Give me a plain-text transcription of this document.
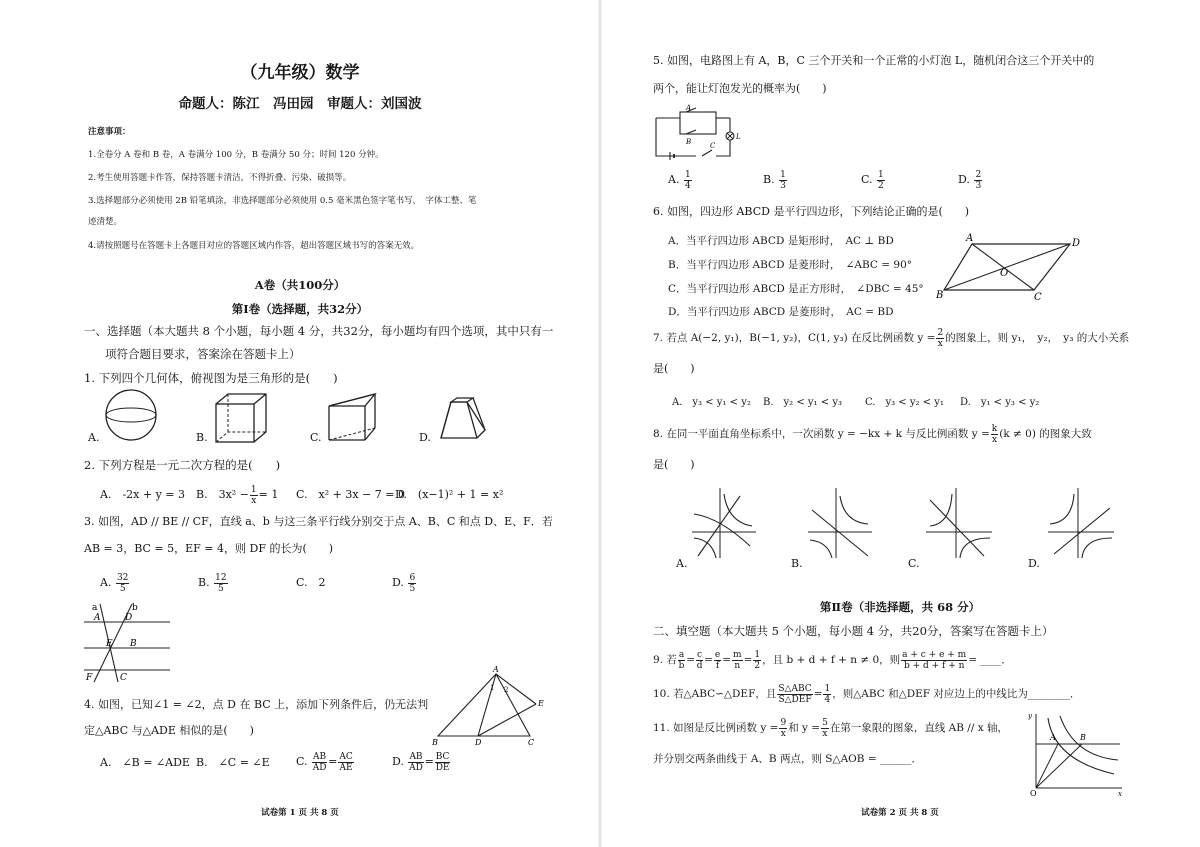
（九年级）数学
命题人：陈江　冯田园　审题人：刘国波
注意事项：
1.全卷分 A 卷和 B 卷，A 卷满分 100 分，B 卷满分 50 分；时间 120 分钟。
2.考生使用答题卡作答，保持答题卡清洁，不得折叠、污染、破损等。
3.选择题部分必须使用 2B 铅笔填涂，非选择题部分必须使用 0.5 毫米黑色签字笔书写，　字体工整、笔
迹清楚。
4.请按照题号在答题卡上各题目对应的答题区域内作答，超出答题区域书写的答案无效。
A卷（共100分）
第Ⅰ卷（选择题，共32分）
一、选择题（本大题共 8 个小题，每小题 4 分，共32分，每小题均有四个选项，其中只有一
项符合题目要求，答案涂在答题卡上）
1. 下列四个几何体，俯视图为是三角形的是(　　)
A.	B.	C.	D.
2. 下列方程是一元二次方程的是(　　)
A.　-2x + y = 3 B.　$3x^2 - \frac{1}{x} = 1$ C.　x² + 3x − 7 = 0
D.　(x−1)² + 1 = x²
3. 如图，AD // BE // CF，直线 a、b 与这三条平行线分别交于点 A、B、C 和点 D、E、F．若
AB = 3，BC = 5，EF = 4，则 DF 的长为(　　)
A. $\frac{32}{5}$	B. $\frac{12}{5}$	C.　2	D. $\frac{6}{5}$
a	b
A	D
E B
F	C
4. 如图，已知∠1 = ∠2，点 D 在 BC 上，添加下列条件后，仍无法判
定△ABC 与△ADE 相似的是(　　)
A.　∠B = ∠ADE B.　∠C = ∠E C. $\frac{AB}{AD} = \frac{AC}{AE}$	D. $\frac{AB}{AD} = \frac{BC}{DE}$
A
1 2
E
B	D	C
试卷第 1 页 共 8 页
5. 如图，电路图上有 A，B，C 三个开关和一个正常的小灯泡 L，随机闭合这三个开关中的
两个，能让灯泡发光的概率为(　　)
A
B	C
L
A. $\frac{1}{4}$	B. $\frac{1}{3}$	C. $\frac{1}{2}$	D. $\frac{2}{3}$
6. 如图，四边形 ABCD 是平行四边形，下列结论正确的是(　　)
A．当平行四边形 ABCD 是矩形时，　AC ⊥ BD
B．当平行四边形 ABCD 是菱形时，　∠ABC = 90°
C．当平行四边形 ABCD 是正方形时，　∠DBC = 45°
D．当平行四边形 ABCD 是菱形时，　AC = BD
A	D
O
B	C
7. 若点 A(−2, y₁)，B(−1, y₂)，C(1, y₃) 在反比例函数 $y = \frac{2}{x}$ 的图象上，则 y₁，　y₂，　y₃ 的大小关系
是(　　)
A.　y₃ < y₁ < y₂ B.　y₂ < y₁ < y₃ C.　y₃ < y₂ < y₁ D.　y₁ < y₃ < y₂
8. 在同一平面直角坐标系中，一次函数 y = −kx + k 与反比例函数 $y = \frac{k}{x} (k \ne 0)$ 的图象大致
是(　　)
A.	B.	C.	D.
第Ⅱ卷（非选择题，共 68 分）
二、填空题（本大题共 5 个小题，每小题 4 分，共20分，答案写在答题卡上）
9. 若 $\frac{a}{b} = \frac{c}{d} = \frac{e}{f} = \frac{m}{n} = \frac{1}{2}$ ，且 b + d + f + n ≠ 0，则 $\frac{a + c + e + m}{b + d + f + n}$ = ____．
10. 若△ABC∽△DEF，且 $\frac{\text{S△ABC}}{\text{S△DEF}} = \frac{1}{4}$ ，则△ABC 和△DEF 对应边上的中线比为________．
11. 如图是反比例函数 $y = \frac{9}{x}$ 和 $y = \frac{5}{x}$ 在第一象限的图象，直线 AB // x 轴，
并分别交两条曲线于 A、B 两点，则 S△AOB = ______．
y
A	B
O	x
试卷第 2 页 共 8 页
